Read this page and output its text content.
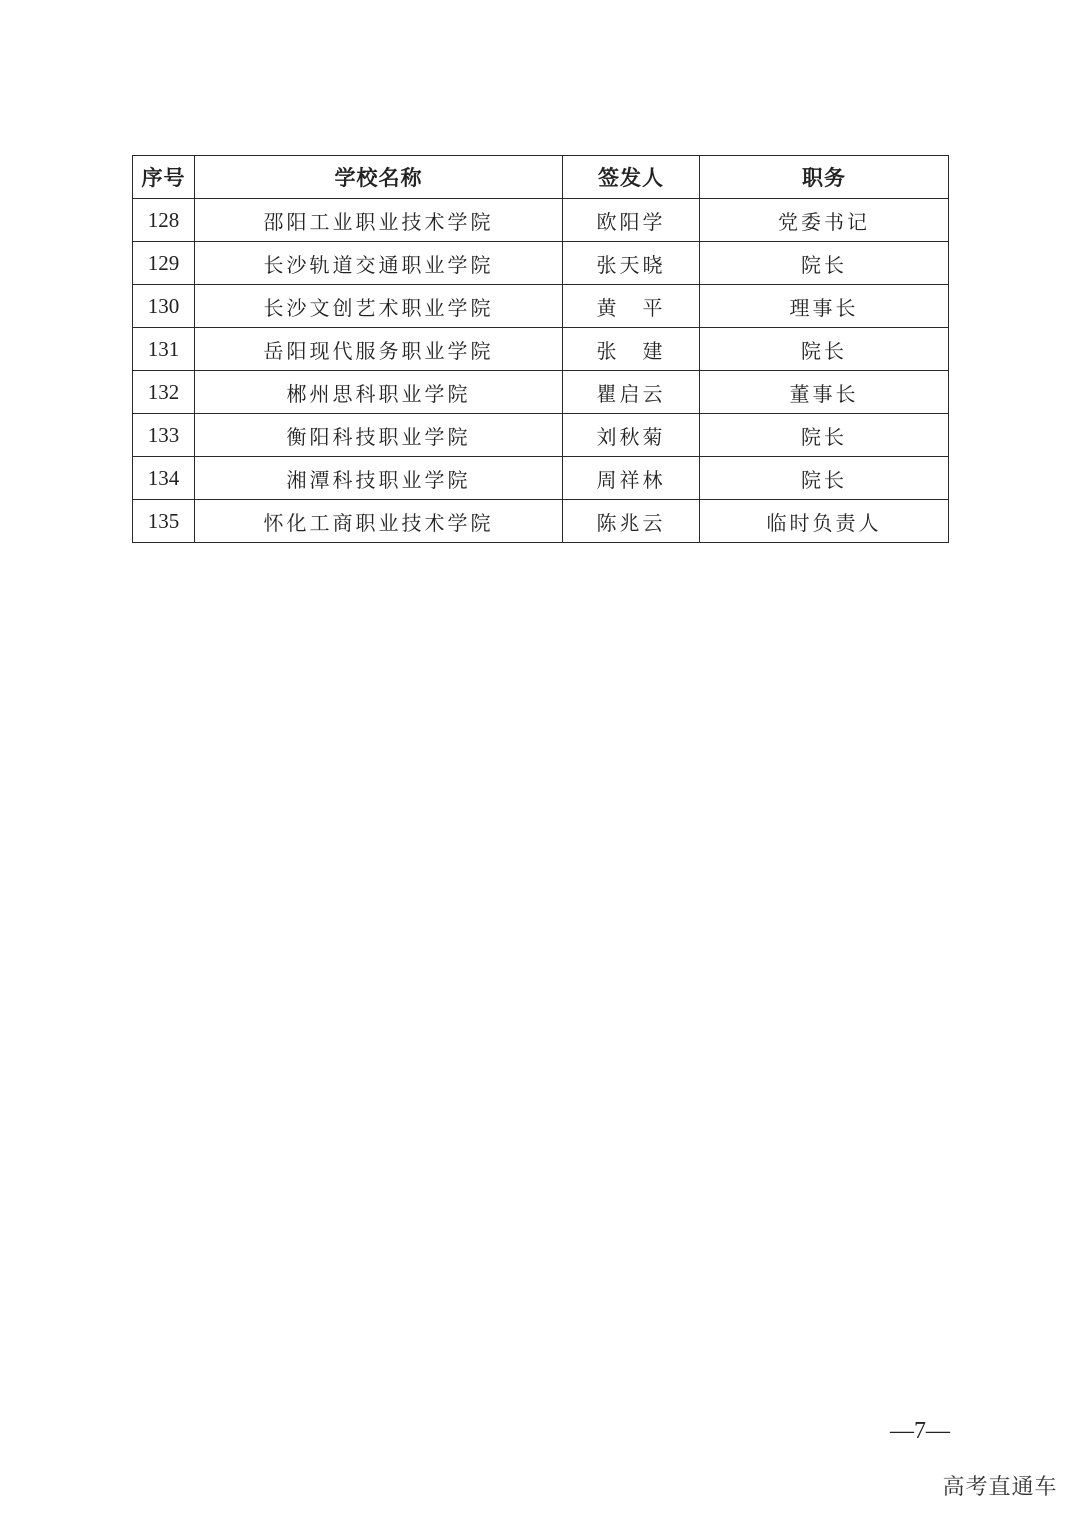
序号	学校名称	签发人	职务
128	邵阳工业职业技术学院	欧阳学	党委书记
129	长沙轨道交通职业学院	张天晓	院长
130	长沙文创艺术职业学院	黄　平	理事长
131	岳阳现代服务职业学院	张　建	院长
132	郴州思科职业学院	瞿启云	董事长
133	衡阳科技职业学院	刘秋菊	院长
134	湘潭科技职业学院	周祥林	院长
135	怀化工商职业技术学院	陈兆云	临时负责人
—7—
高考直通车
